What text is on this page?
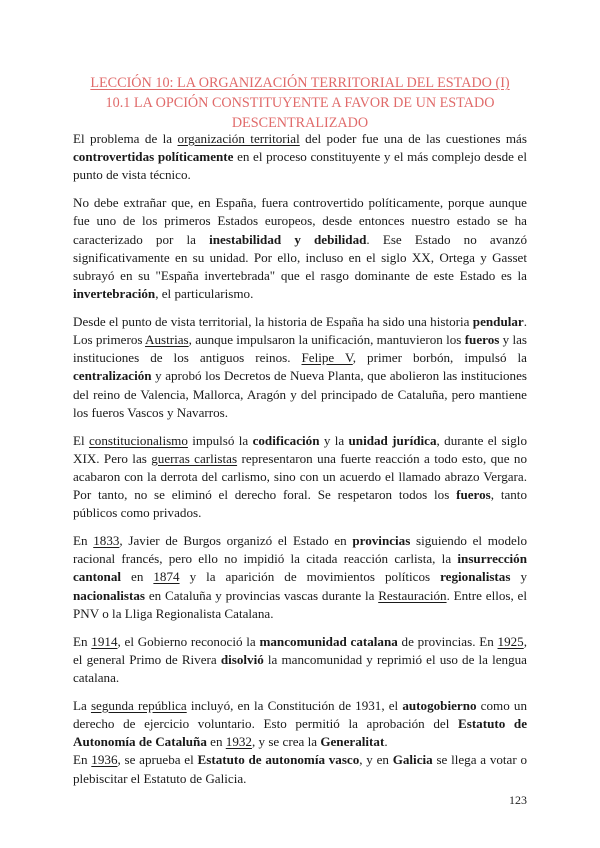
LECCIÓN 10: LA ORGANIZACIÓN TERRITORIAL DEL ESTADO (I)
10.1 LA OPCIÓN CONSTITUYENTE A FAVOR DE UN ESTADO DESCENTRALIZADO

El problema de la organización territorial del poder fue una de las cuestiones más controvertidas políticamente en el proceso constituyente y el más complejo desde el punto de vista técnico.

No debe extrañar que, en España, fuera controvertido políticamente, porque aunque fue uno de los primeros Estados europeos, desde entonces nuestro estado se ha caracterizado por la inestabilidad y debilidad. Ese Estado no avanzó significativamente en su unidad. Por ello, incluso en el siglo XX, Ortega y Gasset subrayó en su "España invertebrada" que el rasgo dominante de este Estado es la invertebración, el particularismo.

Desde el punto de vista territorial, la historia de España ha sido una historia pendular. Los primeros Austrias, aunque impulsaron la unificación, mantuvieron los fueros y las instituciones de los antiguos reinos. Felipe V, primer borbón, impulsó la centralización y aprobó los Decretos de Nueva Planta, que abolieron las instituciones del reino de Valencia, Mallorca, Aragón y del principado de Cataluña, pero mantiene los fueros Vascos y Navarros.

El constitucionalismo impulsó la codificación y la unidad jurídica, durante el siglo XIX. Pero las guerras carlistas representaron una fuerte reacción a todo esto, que no acabaron con la derrota del carlismo, sino con un acuerdo el llamado abrazo Vergara. Por tanto, no se eliminó el derecho foral. Se respetaron todos los fueros, tanto públicos como privados.

En 1833, Javier de Burgos organizó el Estado en provincias siguiendo el modelo racional francés, pero ello no impidió la citada reacción carlista, la insurrección cantonal en 1874 y la aparición de movimientos políticos regionalistas y nacionalistas en Cataluña y provincias vascas durante la Restauración. Entre ellos, el PNV o la Lliga Regionalista Catalana.

En 1914, el Gobierno reconoció la mancomunidad catalana de provincias. En 1925, el general Primo de Rivera disolvió la mancomunidad y reprimió el uso de la lengua catalana.

La segunda república incluyó, en la Constitución de 1931, el autogobierno como un derecho de ejercicio voluntario. Esto permitió la aprobación del Estatuto de Autonomía de Cataluña en 1932, y se crea la Generalitat.

En 1936, se aprueba el Estatuto de autonomía vasco, y en Galicia se llega a votar o plebiscitar el Estatuto de Galicia.

123
